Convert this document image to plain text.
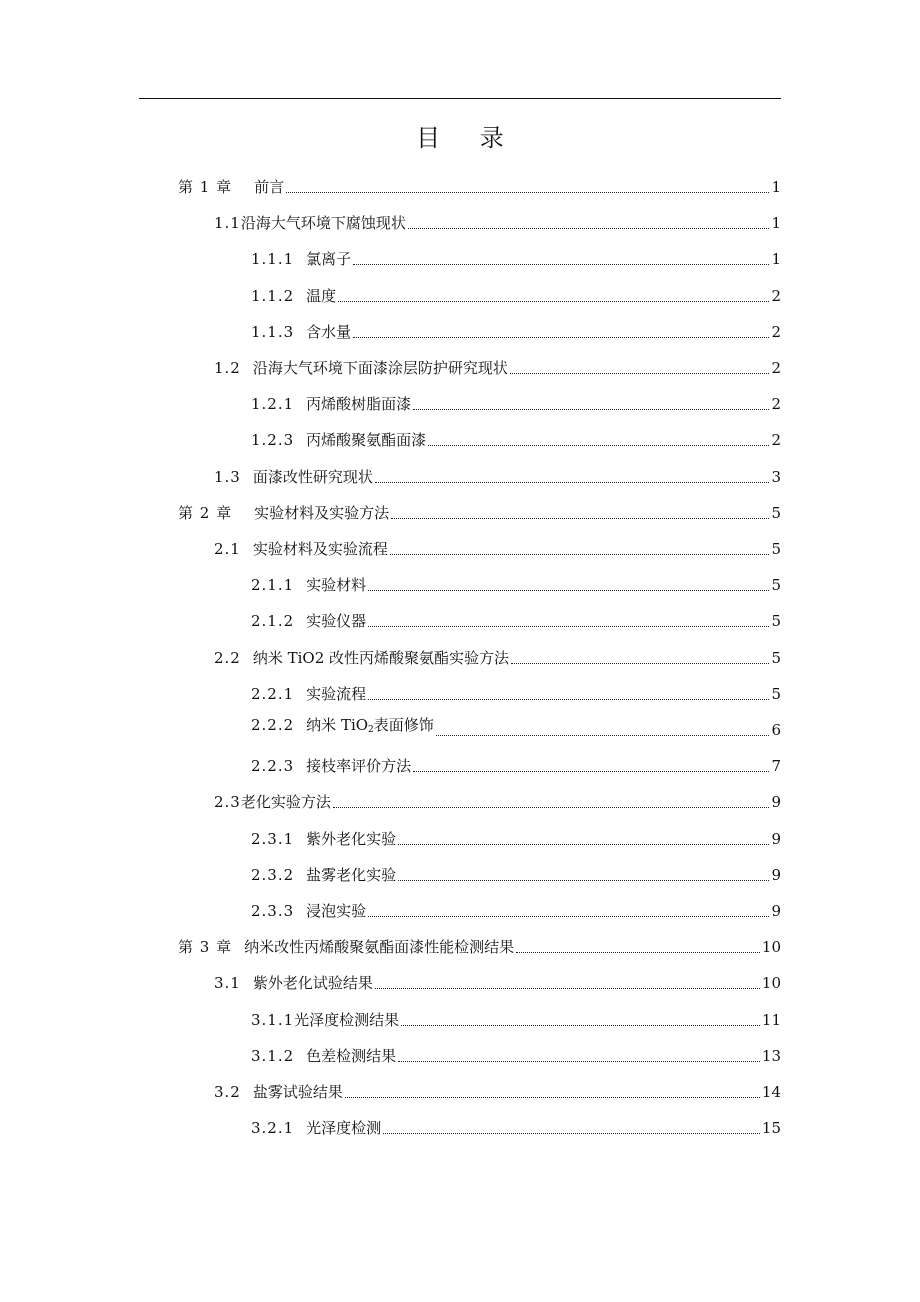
目 录
第 1 章 前言	1
1.1 沿海大气环境下腐蚀现状	1
1.1.1 氯离子	1
1.1.2 温度	2
1.1.3 含水量	2
1.2 沿海大气环境下面漆涂层防护研究现状	2
1.2.1 丙烯酸树脂面漆	2
1.2.3 丙烯酸聚氨酯面漆	2
1.3 面漆改性研究现状	3
第 2 章 实验材料及实验方法	5
2.1 实验材料及实验流程	5
2.1.1 实验材料	5
2.1.2 实验仪器	5
2.2 纳米 TiO2 改性丙烯酸聚氨酯实验方法	5
2.2.1 实验流程	5
2.2.2 纳米 TiO$_2$表面修饰	6
2.2.3 接枝率评价方法	7
2.3 老化实验方法	9
2.3.1 紫外老化实验	9
2.3.2 盐雾老化实验	9
2.3.3 浸泡实验	9
第 3 章 纳米改性丙烯酸聚氨酯面漆性能检测结果	10
3.1 紫外老化试验结果	10
3.1.1 光泽度检测结果	11
3.1.2 色差检测结果	13
3.2 盐雾试验结果	14
3.2.1 光泽度检测	15
